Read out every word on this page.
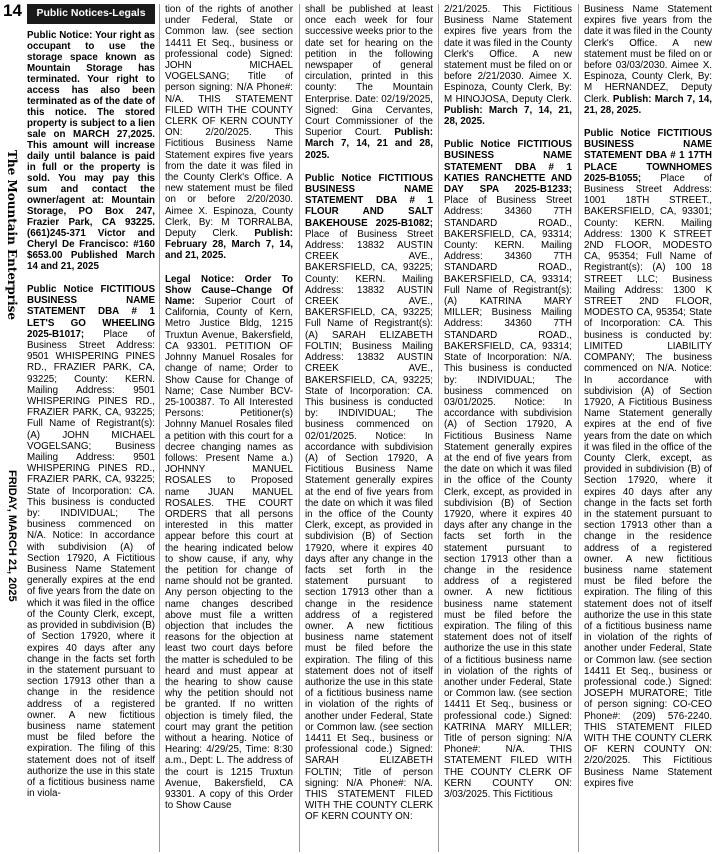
14
The Mountain EnterpriseFRIDAY, MARCH 21, 2025
Public Notices-Legals

Public Notice: Your right as occupant to use the storage space known as Mountain Storage has terminated. Your right to access has also been terminated as of the date of this notice. The stored property is subject to a lien sale on MARCH 27,2025. This amount will increase daily until balance is paid in full or the property is sold. You may pay this sum and contact the owner/agent at: Mountain Storage, PO Box 247, Frazier Park, CA 93225. (661)245-371 Victor and Cheryl De Francisco: #160 $653.00 Published March 14 and 21, 2025

Public Notice FICTITIOUS BUSINESS NAME STATEMENT DBA # 1 LET'S GO WHEELING 2025-B1017; Place of Business Street Address: 9501 WHISPERING PINES RD., FRAZIER PARK, CA, 93225; County: KERN. Mailing Address: 9501 WHISPERING PINES RD., FRAZIER PARK, CA, 93225; Full Name of Registrant(s): (A) JOHN MICHAEL VOGELSANG; Business Mailing Address: 9501 WHISPERING PINES RD., FRAZIER PARK, CA, 93225; State of Incorporation: CA. This business is conducted by: INDIVIDUAL; The business commenced on N/A. Notice: In accordance with subdivision (A) of Section 17920, A Fictitious Business Name Statement generally expires at the end of five years from the date on which it was filed in the office of the County Clerk, except, as provided in subdivision (B) of Section 17920, where it expires 40 days after any change in the facts set forth in the statement pursuant to section 17913 other than a change in the residence address of a registered owner. A new fictitious business name statement must be filed before the expiration. The filing of this statement does not of itself authorize the use in this state of a fictitious business name in viola-

tion of the rights of another under Federal, State or Common law. (see section 14411 Et Seq., business or professional code) Signed: JOHN MICHAEL VOGELSANG; Title of person signing: N/A Phone#: N/A. THIS STATEMENT FILED WITH THE COUNTY CLERK OF KERN COUNTY ON: 2/20/2025. This Fictitious Business Name Statement expires five years from the date it was filed in the County Clerk's Office. A new statement must be filed on or before 2/20/2030. Aimee X. Espinoza, County Clerk, By: M TORRALBA, Deputy Clerk. Publish: February 28, March 7, 14, and 21, 2025.

Legal Notice: Order To Show Cause–Change Of Name: Superior Court of California, County of Kern, Metro Justice Bldg, 1215 Truxtun Avenue, Bakersfield, CA 93301. PETITION OF Johnny Manuel Rosales for change of name; Order to Show Cause for Change of Name; Case Number BCV-25-100387. To All Interested Persons: Petitioner(s) Johnny Manuel Rosales filed a petition with this court for a decree changing names as follows: Present Name a.) JOHNNY MANUEL ROSALES to Proposed name JUAN MANUEL ROSALES. THE COURT ORDERS that all persons interested in this matter appear before this court at the hearing indicated below to show cause, if any, why the petition for change of name should not be granted. Any person objecting to the name changes described above must file a written objection that includes the reasons for the objection at least two court days before the matter is scheduled to be heard and must appear at the hearing to show cause why the petition should not be granted. If no written objection is timely filed, the court may grant the petition without a hearing. Notice of Hearing: 4/29/25, Time: 8:30 a.m., Dept: L. The address of the court is 1215 Truxtun Avenue, Bakersfield, CA 93301. A copy of this Order to Show Cause

shall be published at least once each week for four successive weeks prior to the date set for hearing on the petition in the following newspaper of general circulation, printed in this county: The Mountain Enterprise. Date: 02/19/2025, Signed: Gina Cervantes, Court Commissioner of the Superior Court. Publish: March 7, 14, 21 and 28, 2025.

Public Notice FICTITIOUS BUSINESS NAME STATEMENT DBA # 1 FLOUR AND SALT BAKEHOUSE 2025-B1082; Place of Business Street Address: 13832 AUSTIN CREEK AVE., BAKERSFIELD, CA, 93225; County: KERN. Mailing Address: 13832 AUSTIN CREEK AVE., BAKERSFIELD, CA, 93225; Full Name of Registrant(s): (A) SARAH ELIZABETH FOLTIN; Business Mailing Address: 13832 AUSTIN CREEK AVE., BAKERSFIELD, CA, 93225; State of Incorporation: CA. This business is conducted by: INDIVIDUAL; The business commenced on 02/01/2025. Notice: In accordance with subdivision (A) of Section 17920, A Fictitious Business Name Statement generally expires at the end of five years from the date on which it was filed in the office of the County Clerk, except, as provided in subdivision (B) of Section 17920, where it expires 40 days after any change in the facts set forth in the statement pursuant to section 17913 other than a change in the residence address of a registered owner. A new fictitious business name statement must be filed before the expiration. The filing of this statement does not of itself authorize the use in this state of a fictitious business name in violation of the rights of another under Federal, State or Common law. (see section 14411 Et Seq., business or professional code.) Signed: SARAH ELIZABETH FOLTIN; Title of person signing: N/A Phone#: N/A. THIS STATEMENT FILED WITH THE COUNTY CLERK OF KERN COUNTY ON:

2/21/2025. This Fictitious Business Name Statement expires five years from the date it was filed in the County Clerk's Office. A new statement must be filed on or before 2/21/2030. Aimee X. Espinoza, County Clerk, By: M HINOJOSA, Deputy Clerk. Publish: March 7, 14, 21, 28, 2025.

Public Notice FICTITIOUS BUSINESS NAME STATEMENT DBA # 1 KATIES RANCHETTE AND DAY SPA 2025-B1233; Place of Business Street Address: 34360 7TH STANDARD ROAD., BAKERSFIELD, CA, 93314; County: KERN. Mailing Address: 34360 7TH STANDARD ROAD., BAKERSFIELD, CA, 93314; Full Name of Registrant(s): (A) KATRINA MARY MILLER; Business Mailing Address: 34360 7TH STANDARD ROAD., BAKERSFIELD, CA, 93314; State of Incorporation: N/A. This business is conducted by: INDIVIDUAL; The business commenced on 03/01/2025. Notice: In accordance with subdivision (A) of Section 17920, A Fictitious Business Name Statement generally expires at the end of five years from the date on which it was filed in the office of the County Clerk, except, as provided in subdivision (B) of Section 17920, where it expires 40 days after any change in the facts set forth in the statement pursuant to section 17913 other than a change in the residence address of a registered owner. A new fictitious business name statement must be filed before the expiration. The filing of this statement does not of itself authorize the use in this state of a fictitious business name in violation of the rights of another under Federal, State or Common law. (see section 14411 Et Seq., business or professional code.) Signed: KATRINA MARY MILLER; Title of person signing: N/A Phone#: N/A. THIS STATEMENT FILED WITH THE COUNTY CLERK OF KERN COUNTY ON: 3/03/2025. This Fictitious

Business Name Statement expires five years from the date it was filed in the County Clerk's Office. A new statement must be filed on or before 03/03/2030. Aimee X. Espinoza, County Clerk, By: M HERNANDEZ, Deputy Clerk. Publish: March 7, 14, 21, 28, 2025.

Public Notice FICTITIOUS BUSINESS NAME STATEMENT DBA # 1 17TH PLACE TOWNHOMES 2025-B1055; Place of Business Street Address: 1001 18TH STREET., BAKERSFIELD, CA, 93301; County: KERN. Mailing Address: 1300 K STREET 2ND FLOOR, MODESTO CA, 95354; Full Name of Registrant(s): (A) 100 18 STREET LLC; Business Mailing Address: 1300 K STREET 2ND FLOOR, MODESTO CA, 95354; State of Incorporation: CA. This business is conducted by: LIMITED LIABILITY COMPANY; The business commenced on N/A. Notice: In accordance with subdivision (A) of Section 17920, A Fictitious Business Name Statement generally expires at the end of five years from the date on which it was filed in the office of the County Clerk, except, as provided in subdivision (B) of Section 17920, where it expires 40 days after any change in the facts set forth in the statement pursuant to section 17913 other than a change in the residence address of a registered owner. A new fictitious business name statement must be filed before the expiration. The filing of this statement does not of itself authorize the use in this state of a fictitious business name in violation of the rights of another under Federal, State or Common law. (see section 14411 Et Seq., business or professional code.) Signed: JOSEPH MURATORE; Title of person signing: CO-CEO Phone#: (209) 576-2240. THIS STATEMENT FILED WITH THE COUNTY CLERK OF KERN COUNTY ON: 2/20/2025. This Fictitious Business Name Statement expires five
